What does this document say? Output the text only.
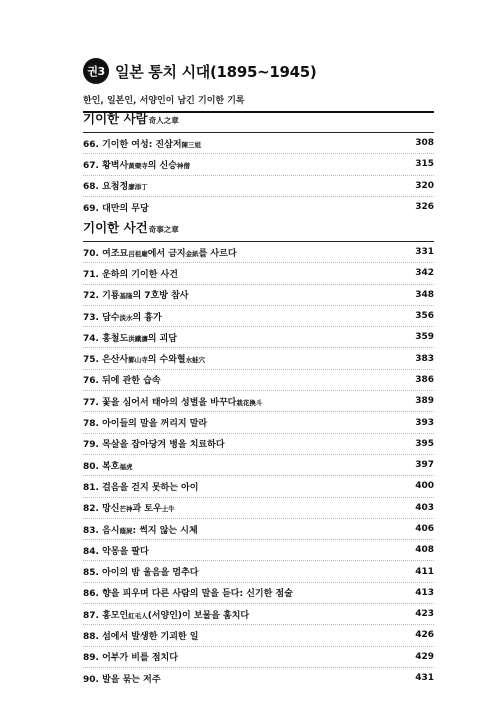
권3 일본 통치 시대(1895~1945)
한인, 일본인, 서양인이 남긴 기이한 기록
기이한 사람奇人之章
66. 기이한 여성: 진삼저陳三姐	308
67. 황벽사黃檗寺의 신승神僧	315
68. 요첨정廖添丁	320
69. 대만의 무당	326
기이한 사건奇事之章
70. 여조묘呂祖廟에서 금지金紙를 사르다	331
71. 운하의 기이한 사건	342
72. 기룡基隆의 7호방 참사	348
73. 담수淡水의 흉가	356
74. 홍철도洪鐵濤의 괴담	359
75. 은산사鄞山寺의 수와혈水蛙穴	383
76. 뒤에 관한 습속	386
77. 꽃을 심어서 태아의 성별을 바꾸다栽花換斗	389
78. 아이들의 말을 꺼리지 말라	393
79. 목살을 잡아당겨 병을 치료하다	395
80. 복호福虎	397
81. 걸음을 걷지 못하는 아이	400
82. 망신芒神과 토우土牛	403
83. 음시蔭屍: 썩지 않는 시체	406
84. 악몽을 팔다	408
85. 아이의 밤 울음을 멈추다	411
86. 향을 피우며 다른 사람의 말을 듣다: 신기한 점술	413
87. 홍모인紅毛人(서양인)이 보물을 훔치다	423
88. 섬에서 발생한 기괴한 일	426
89. 어부가 비를 점치다	429
90. 발을 묶는 저주	431
